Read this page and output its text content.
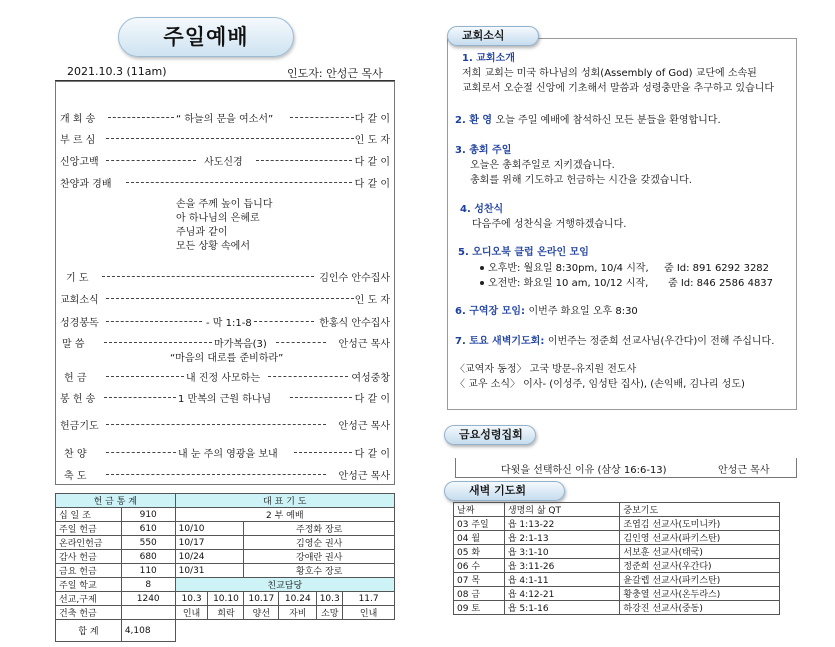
주일예배
2021.10.3 (11am)	인도자: 안성근 목사
개 회 송	“ 하늘의 문을 여소서”	다 같 이
부 르 심	인 도 자
신앙고백	사도신경	다 같 이
찬양과 경배	다 같 이
손을 주께 높이 듭니다
아 하나님의 은혜로
주님과 같이
모든 상황 속에서
기 도	김인수 안수집사
교회소식	인 도 자
성경봉독	- 막 1:1-8	한홍식 안수집사
말 씀	마가복음(3)	안성근 목사
“마음의 대로를 준비하라”
헌 금	내 진정 사모하는	여성중창
봉 헌 송	1 만복의 근원 하나님	다 같 이
헌금기도	안성근 목사
찬 양	내 눈 주의 영광을 보내	다 같 이
축 도	안성근 목사
헌 금 통 계		대 표 기 도					
십 일 조	910	2 부 예배					
주일 헌금	610	10/10		주정화 장로			
온라인헌금	550	10/17		김영순 권사			
감사 헌금	680	10/24		강애란 권사			
금요 헌금	110	10/31		황호수 장로			
주일 학교	8	친교담당					
선교,구제	1240	10.3	10.10	10.17	10.24	10.3	11.7
건축 헌금		인내	희락	양선	자비	소망	인내
합 계	4,108						
교회소식
1. 교회소개
저희 교회는 미국 하나님의 성회(Assembly of God) 교단에 소속된
교회로서 오순절 신앙에 기초해서 말씀과 성령충만을 추구하고 있습니다
2. 환 영 오늘 주일 예배에 참석하신 모든 분들을 환영합니다.
3. 총회 주일
오늘은 총회주일로 지키겠습니다.
총회를 위해 기도하고 헌금하는 시간을 갖겠습니다.
4. 성찬식
다음주에 성찬식을 거행하겠습니다.
5. 오디오북 클럽 온라인 모임
오후반: 월요일 8:30pm, 10/4 시작, 줌 Id: 891 6292 3282
오전반: 화요일 10 am, 10/12 시작, 줌 Id: 846 2586 4837
6. 구역장 모임: 이번주 화요일 오후 8:30
7. 토요 새벽기도회: 이번주는 정준희 선교사님(우간다)이 전해 주십니다.
〈교역자 동정〉 고국 방문-유지원 전도사
〈 교우 소식〉 이사- (이성주, 임성탄 집사), (손익배, 김나리 성도)
금요성령집회
다윗을 선택하신 이유 (삼상 16:6-13)	안성근 목사
새벽 기도회
날짜	생명의 삶 QT	중보기도
03 주일	욥 1:13-22	조엽김 선교사(도미니카)
04 월	욥 2:1-13	김인영 선교사(파키스탄)
05 화	욥 3:1-10	서보훈 선교사(태국)
06 수	욥 3:11-26	정준희 선교사(우간다)
07 목	욥 4:1-11	윤갈렙 선교사(파키스탄)
08 금	욥 4:12-21	황충열 선교사(온두라스)
09 토	욥 5:1-16	하강진 선교사(중동)
